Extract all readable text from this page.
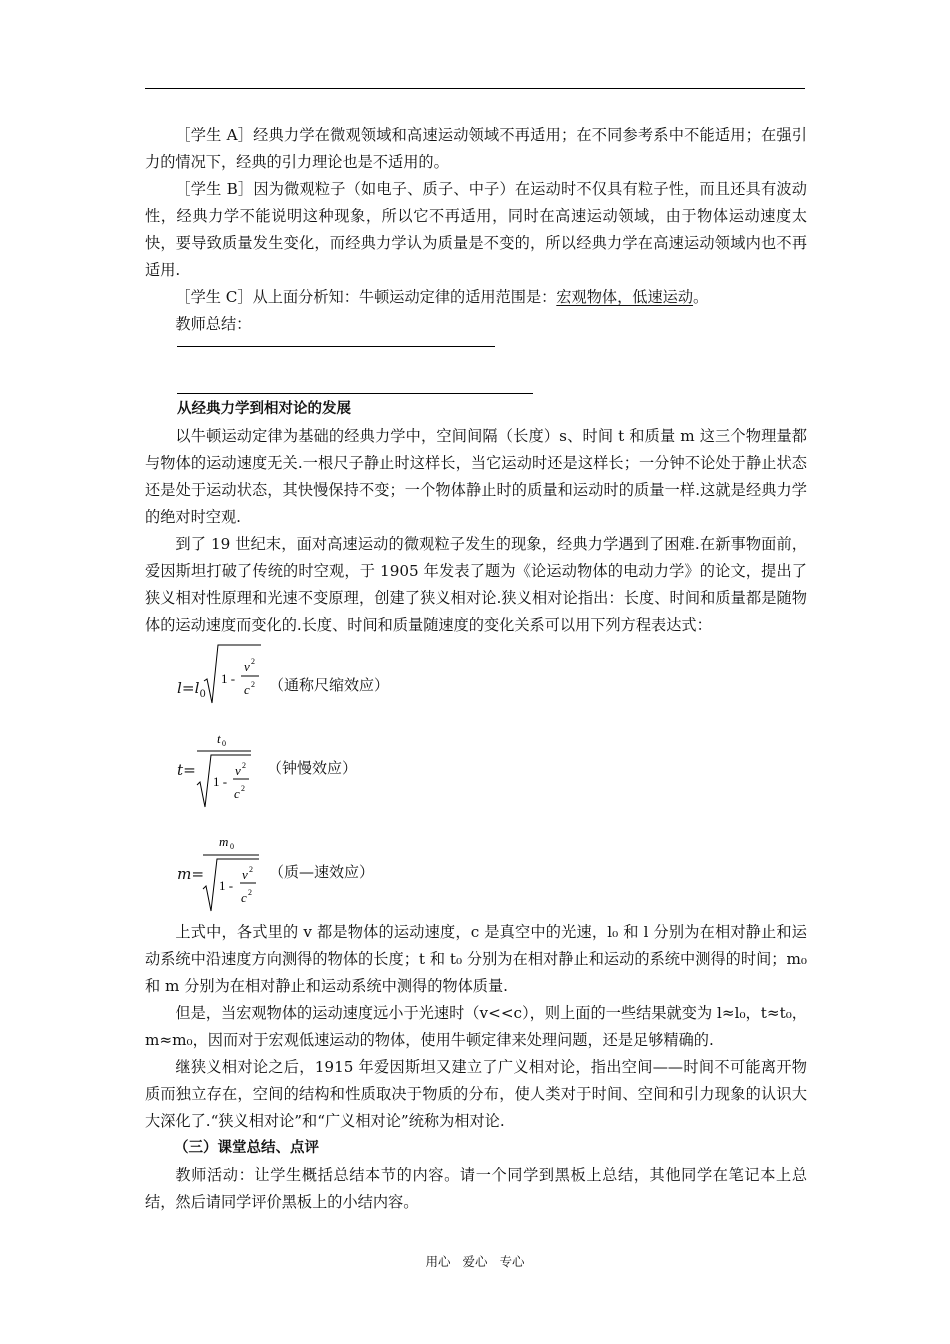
［学生 A］经典力学在微观领域和高速运动领域不再适用；在不同参考系中不能适用；在强引力的情况下，经典的引力理论也是不适用的。

［学生 B］因为微观粒子（如电子、质子、中子）在运动时不仅具有粒子性，而且还具有波动性，经典力学不能说明这种现象，所以它不再适用，同时在高速运动领域，由于物体运动速度太快，要导致质量发生变化，而经典力学认为质量是不变的，所以经典力学在高速运动领域内也不再适用.

［学生 C］从上面分析知：牛顿运动定律的适用范围是：宏观物体，低速运动。

教师总结：

从经典力学到相对论的发展

以牛顿运动定律为基础的经典力学中，空间间隔（长度）s、时间 t 和质量 m 这三个物理量都与物体的运动速度无关.一根尺子静止时这样长，当它运动时还是这样长；一分钟不论处于静止状态还是处于运动状态，其快慢保持不变；一个物体静止时的质量和运动时的质量一样.这就是经典力学的绝对时空观.

到了 19 世纪末，面对高速运动的微观粒子发生的现象，经典力学遇到了困难.在新事物面前，爱因斯坦打破了传统的时空观，于 1905 年发表了题为《论运动物体的电动力学》的论文，提出了狭义相对性原理和光速不变原理，创建了狭义相对论.狭义相对论指出：长度、时间和质量都是随物体的运动速度而变化的.长度、时间和质量随速度的变化关系可以用下列方程表达式：

$l=l_0$
1 -
v 2
c 2 （通称尺缩效应）
t=
t 0
1 -
v 2
c 2
（钟慢效应）
m=
m 0
1 -
v 2
c 2
（质—速效应）

上式中，各式里的 v 都是物体的运动速度，c 是真空中的光速，l₀ 和 l 分别为在相对静止和运动系统中沿速度方向测得的物体的长度；t 和 t₀ 分别为在相对静止和运动的系统中测得的时间；m₀ 和 m 分别为在相对静止和运动系统中测得的物体质量.

但是，当宏观物体的运动速度远小于光速时（v<<c），则上面的一些结果就变为 l≈l₀，t≈t₀，m≈m₀，因而对于宏观低速运动的物体，使用牛顿定律来处理问题，还是足够精确的.

继狭义相对论之后，1915 年爱因斯坦又建立了广义相对论，指出空间——时间不可能离开物质而独立存在，空间的结构和性质取决于物质的分布，使人类对于时间、空间和引力现象的认识大大深化了.“狭义相对论”和“广义相对论”统称为相对论.

（三）课堂总结、点评

教师活动：让学生概括总结本节的内容。请一个同学到黑板上总结，其他同学在笔记本上总结，然后请同学评价黑板上的小结内容。

用心 爱心 专心
